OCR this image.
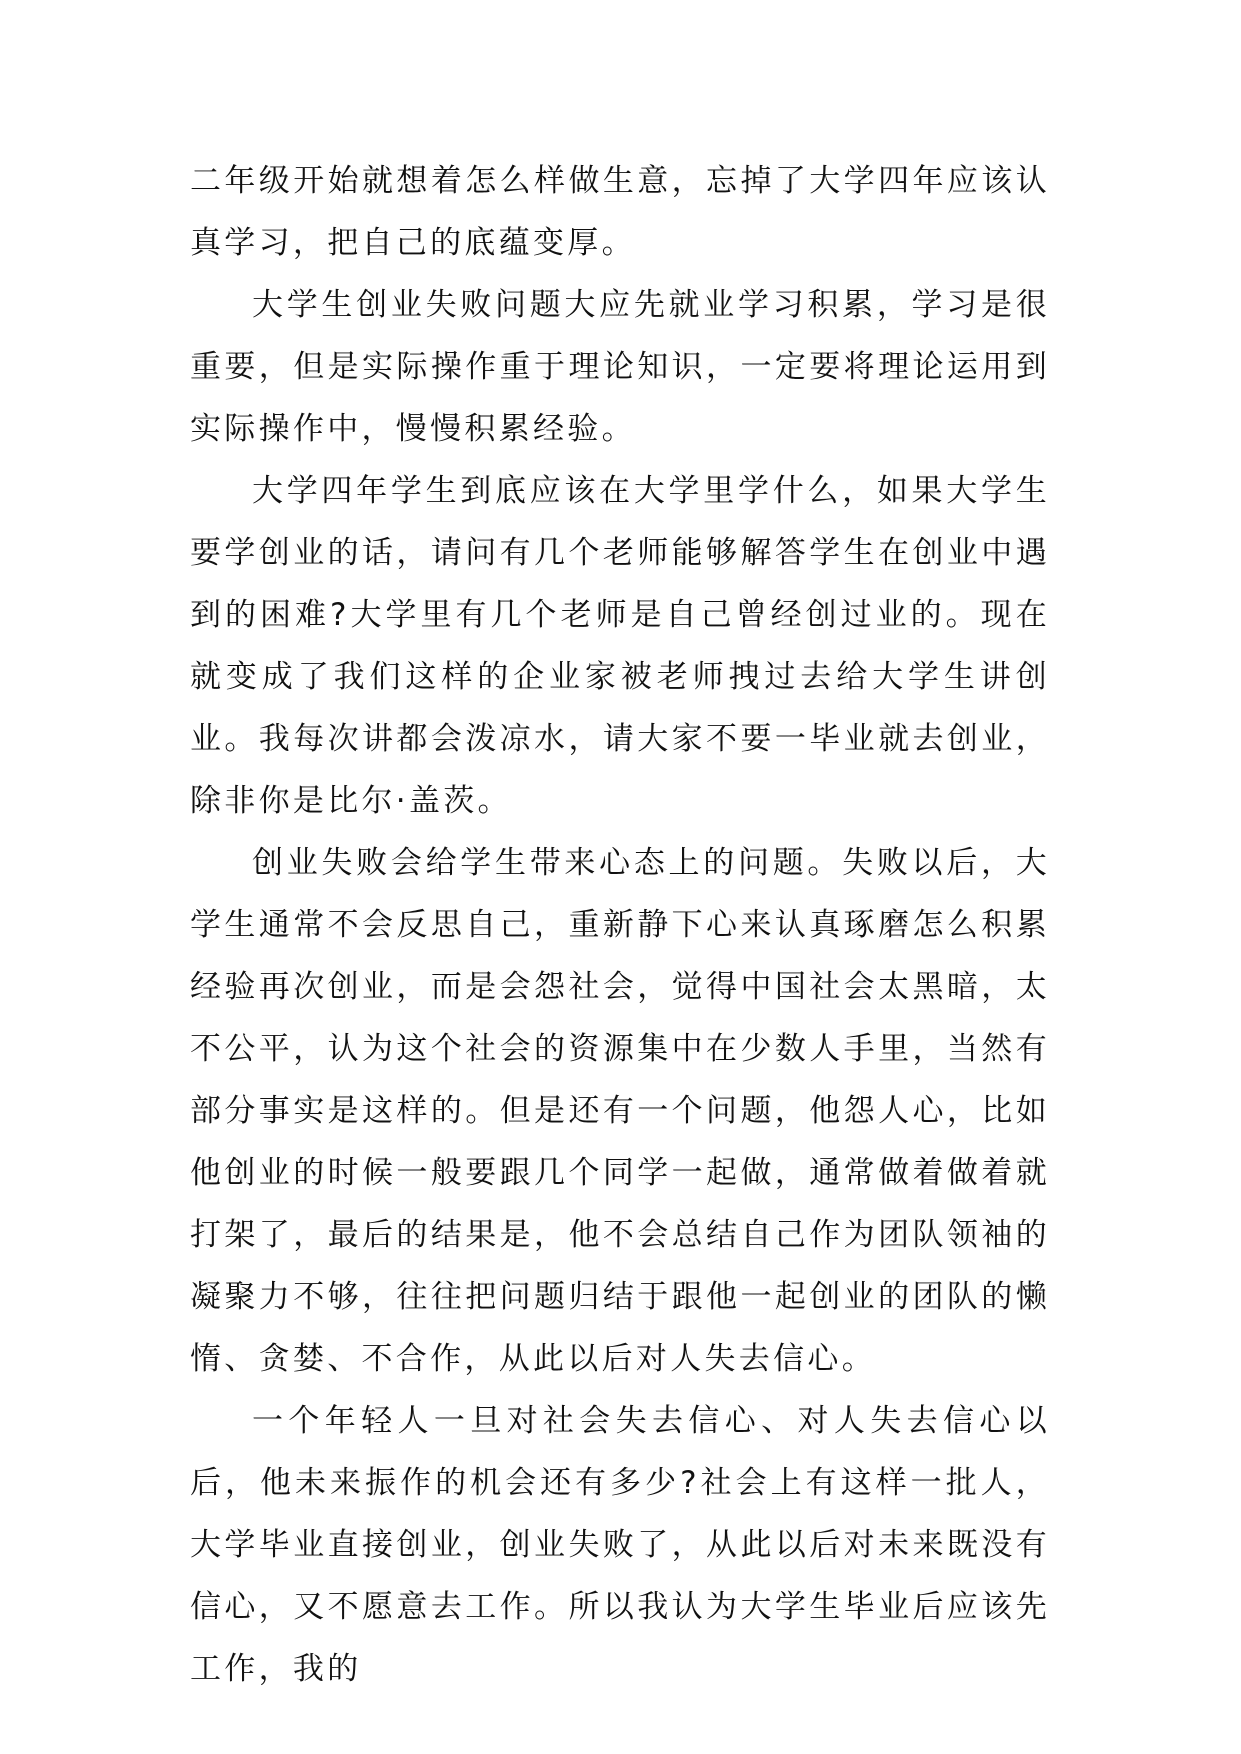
二年级开始就想着怎么样做生意，忘掉了大学四年应该认真学习，把自己的底蕴变厚。

大学生创业失败问题大应先就业学习积累，学习是很重要，但是实际操作重于理论知识，一定要将理论运用到实际操作中，慢慢积累经验。

大学四年学生到底应该在大学里学什么，如果大学生要学创业的话，请问有几个老师能够解答学生在创业中遇到的困难?大学里有几个老师是自己曾经创过业的。现在就变成了我们这样的企业家被老师拽过去给大学生讲创业。我每次讲都会泼凉水，请大家不要一毕业就去创业，除非你是比尔·盖茨。

创业失败会给学生带来心态上的问题。失败以后，大学生通常不会反思自己，重新静下心来认真琢磨怎么积累经验再次创业，而是会怨社会，觉得中国社会太黑暗，太不公平，认为这个社会的资源集中在少数人手里，当然有部分事实是这样的。但是还有一个问题，他怨人心，比如他创业的时候一般要跟几个同学一起做，通常做着做着就打架了，最后的结果是，他不会总结自己作为团队领袖的凝聚力不够，往往把问题归结于跟他一起创业的团队的懒惰、贪婪、不合作，从此以后对人失去信心。

一个年轻人一旦对社会失去信心、对人失去信心以后，他未来振作的机会还有多少?社会上有这样一批人，大学毕业直接创业，创业失败了，从此以后对未来既没有信心，又不愿意去工作。所以我认为大学生毕业后应该先工作，我的
